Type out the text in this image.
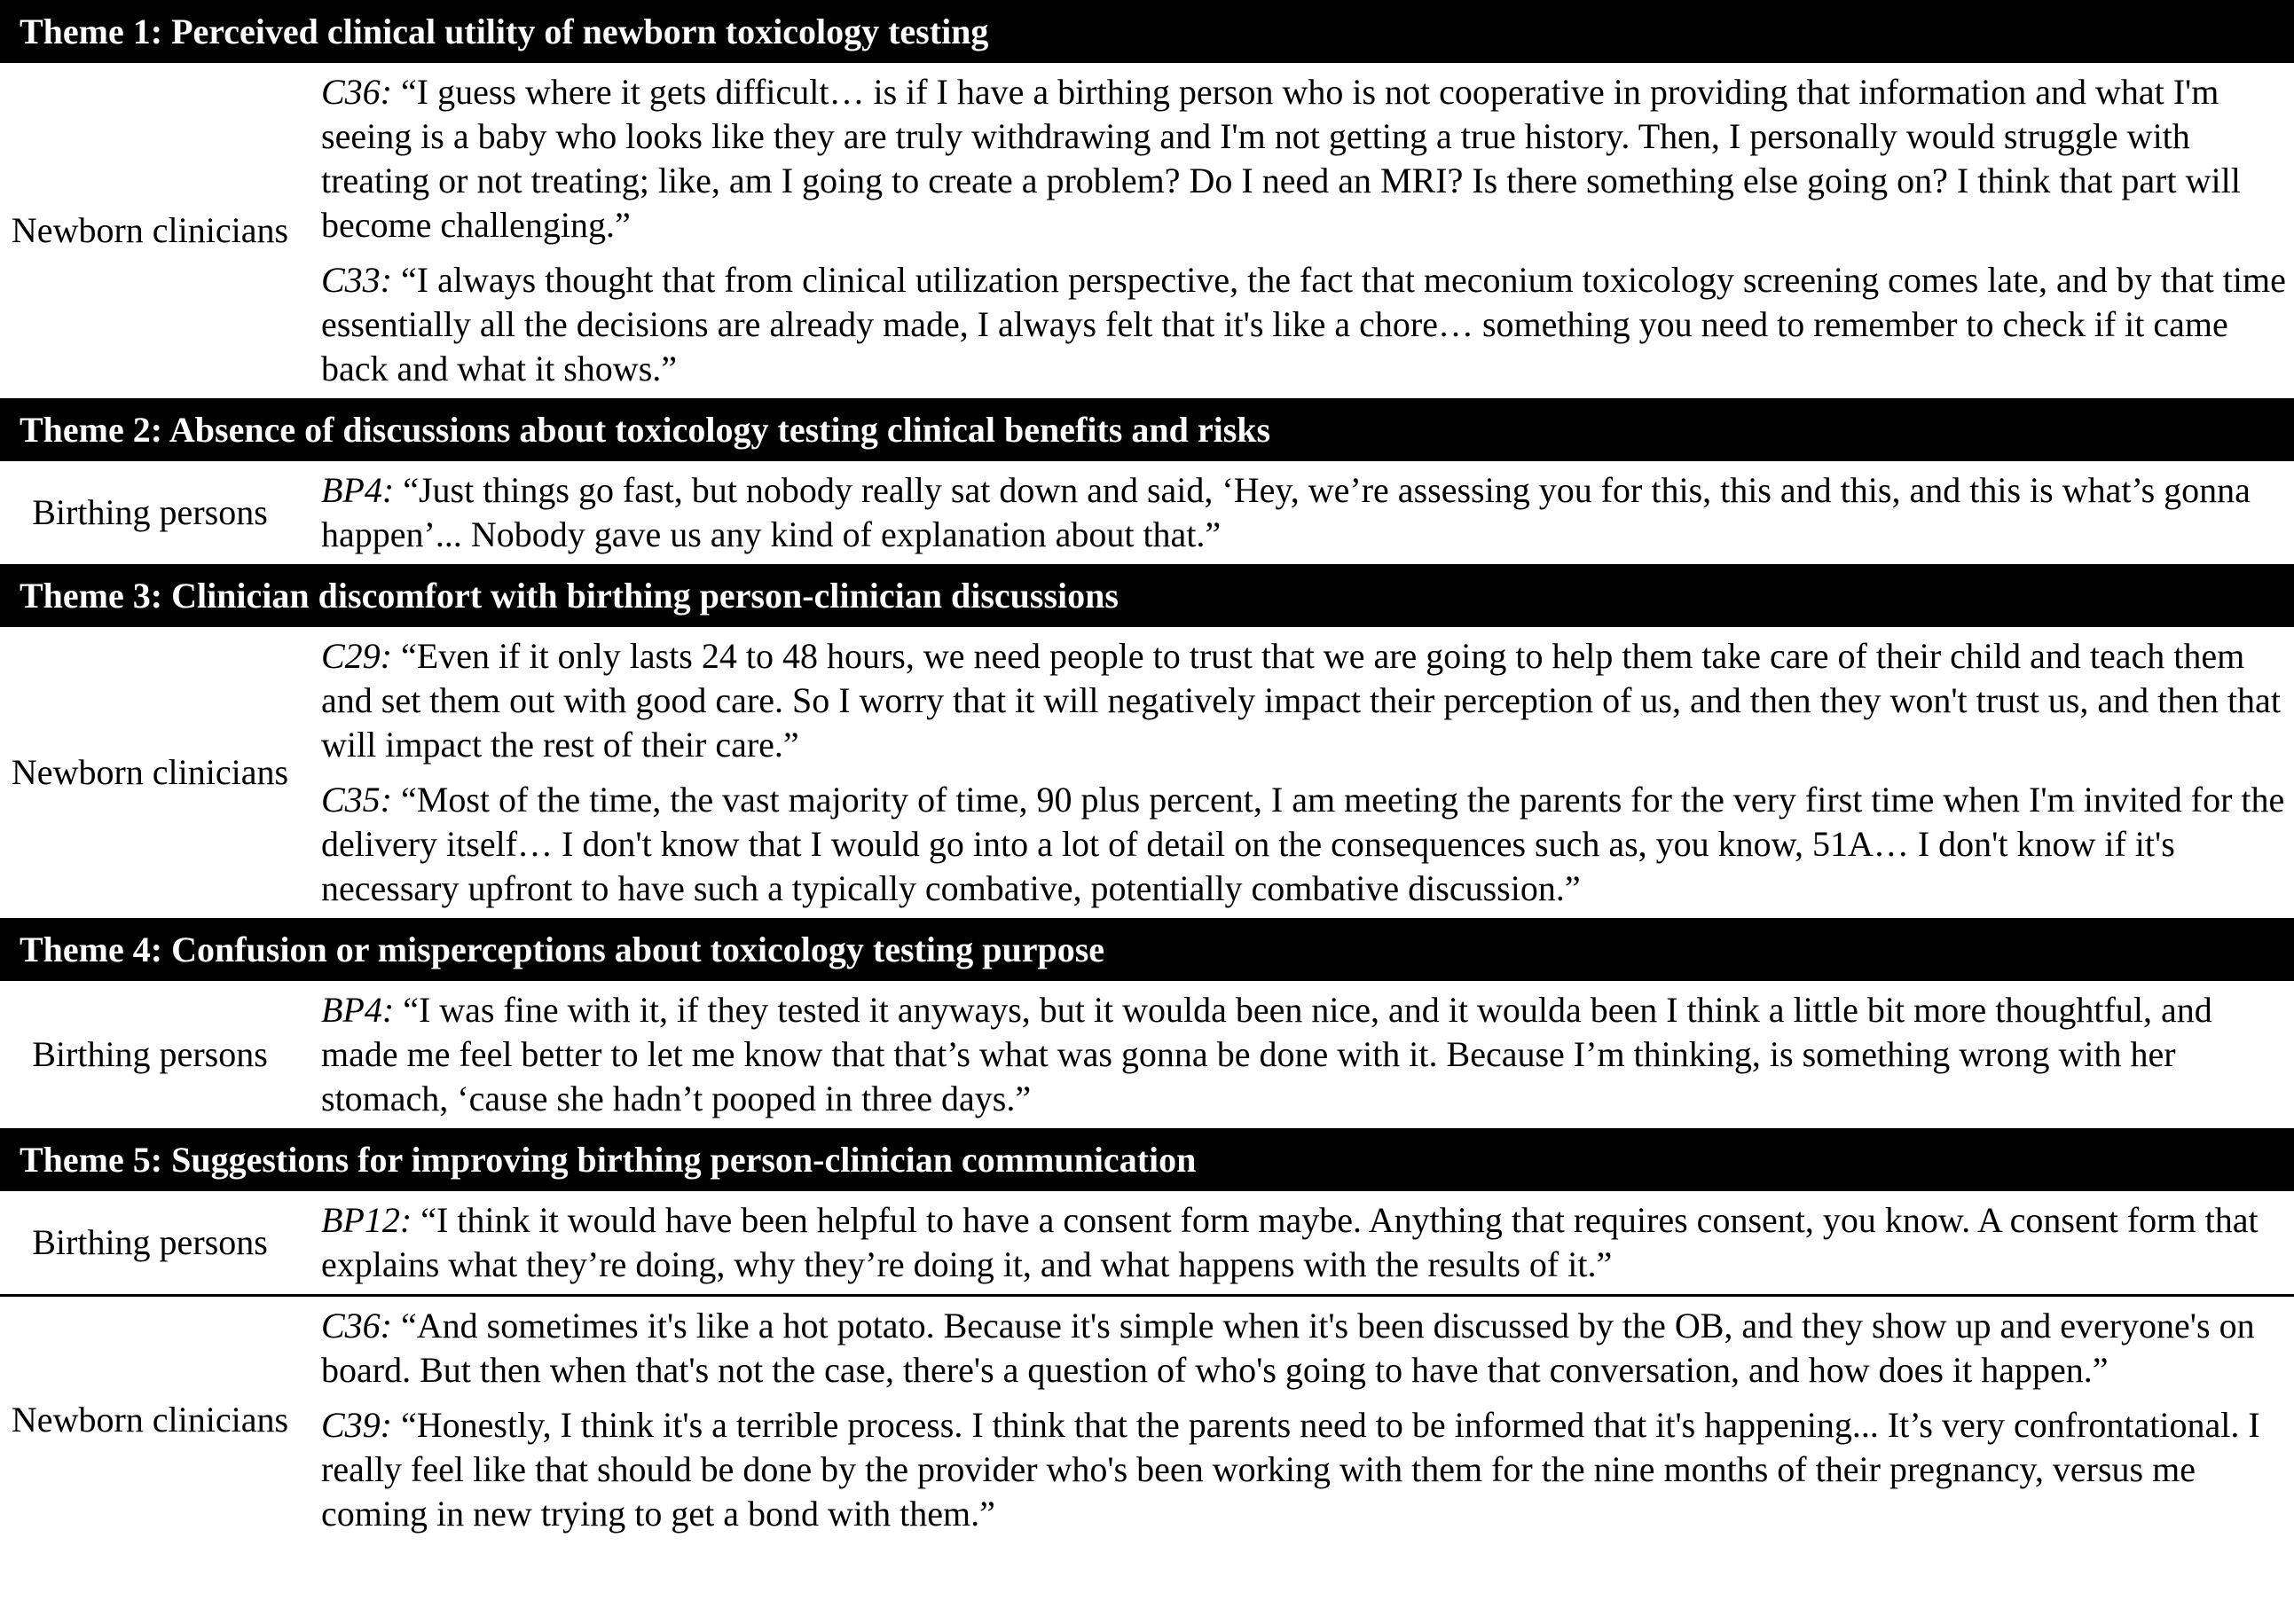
Theme 1: Perceived clinical utility of newborn toxicology testing
Newborn clinicians

C36: “I guess where it gets difficult… is if I have a birthing person who is not cooperative in providing that information and what I'm seeing is a baby who looks like they are truly withdrawing and I'm not getting a true history. Then, I personally would struggle with treating or not treating; like, am I going to create a problem? Do I need an MRI? Is there something else going on? I think that part will become challenging.”

C33: “I always thought that from clinical utilization perspective, the fact that meconium toxicology screening comes late, and by that time essentially all the decisions are already made, I always felt that it's like a chore… something you need to remember to check if it came back and what it shows.”

Theme 2: Absence of discussions about toxicology testing clinical benefits and risks
Birthing persons

BP4: “Just things go fast, but nobody really sat down and said, ‘Hey, we’re assessing you for this, this and this, and this is what’s gonna happen’... Nobody gave us any kind of explanation about that.”

Theme 3: Clinician discomfort with birthing person-clinician discussions
Newborn clinicians

C29: “Even if it only lasts 24 to 48 hours, we need people to trust that we are going to help them take care of their child and teach them and set them out with good care. So I worry that it will negatively impact their perception of us, and then they won't trust us, and then that will impact the rest of their care.”

C35: “Most of the time, the vast majority of time, 90 plus percent, I am meeting the parents for the very first time when I'm invited for the delivery itself… I don't know that I would go into a lot of detail on the consequences such as, you know, 51A… I don't know if it's necessary upfront to have such a typically combative, potentially combative discussion.”

Theme 4: Confusion or misperceptions about toxicology testing purpose
Birthing persons

BP4: “I was fine with it, if they tested it anyways, but it woulda been nice, and it woulda been I think a little bit more thoughtful, and made me feel better to let me know that that’s what was gonna be done with it. Because I’m thinking, is something wrong with her stomach, ‘cause she hadn’t pooped in three days.”

Theme 5: Suggestions for improving birthing person-clinician communication
Birthing persons

BP12: “I think it would have been helpful to have a consent form maybe. Anything that requires consent, you know. A consent form that explains what they’re doing, why they’re doing it, and what happens with the results of it.”

Newborn clinicians

C36: “And sometimes it's like a hot potato. Because it's simple when it's been discussed by the OB, and they show up and everyone's on board. But then when that's not the case, there's a question of who's going to have that conversation, and how does it happen.”

C39: “Honestly, I think it's a terrible process. I think that the parents need to be informed that it's happening... It’s very confrontational. I really feel like that should be done by the provider who's been working with them for the nine months of their pregnancy, versus me coming in new trying to get a bond with them.”
